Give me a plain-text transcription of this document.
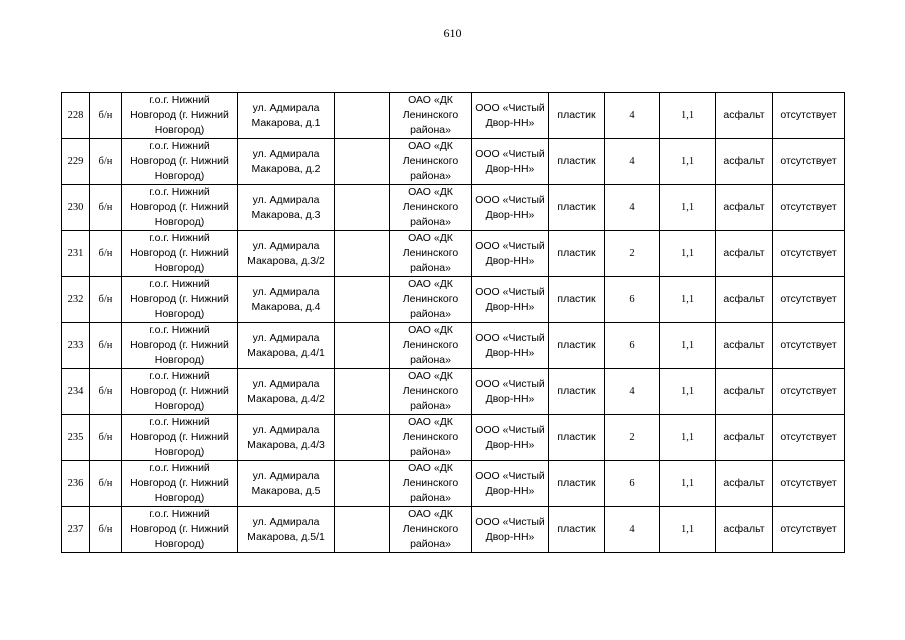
610
228	б/н	г.о.г. Нижний
Новгород (г. Нижний
Новгород)	ул. Адмирала
Макарова, д.1		ОАО «ДК
Ленинского
района»	ООО «Чистый
Двор-НН»	пластик	4	1,1	асфальт	отсутствует
229	б/н	г.о.г. Нижний
Новгород (г. Нижний
Новгород)	ул. Адмирала
Макарова, д.2		ОАО «ДК
Ленинского
района»	ООО «Чистый
Двор-НН»	пластик	4	1,1	асфальт	отсутствует
230	б/н	г.о.г. Нижний
Новгород (г. Нижний
Новгород)	ул. Адмирала
Макарова, д.3		ОАО «ДК
Ленинского
района»	ООО «Чистый
Двор-НН»	пластик	4	1,1	асфальт	отсутствует
231	б/н	г.о.г. Нижний
Новгород (г. Нижний
Новгород)	ул. Адмирала
Макарова, д.3/2		ОАО «ДК
Ленинского
района»	ООО «Чистый
Двор-НН»	пластик	2	1,1	асфальт	отсутствует
232	б/н	г.о.г. Нижний
Новгород (г. Нижний
Новгород)	ул. Адмирала
Макарова, д.4		ОАО «ДК
Ленинского
района»	ООО «Чистый
Двор-НН»	пластик	6	1,1	асфальт	отсутствует
233	б/н	г.о.г. Нижний
Новгород (г. Нижний
Новгород)	ул. Адмирала
Макарова, д.4/1		ОАО «ДК
Ленинского
района»	ООО «Чистый
Двор-НН»	пластик	6	1,1	асфальт	отсутствует
234	б/н	г.о.г. Нижний
Новгород (г. Нижний
Новгород)	ул. Адмирала
Макарова, д.4/2		ОАО «ДК
Ленинского
района»	ООО «Чистый
Двор-НН»	пластик	4	1,1	асфальт	отсутствует
235	б/н	г.о.г. Нижний
Новгород (г. Нижний
Новгород)	ул. Адмирала
Макарова, д.4/3		ОАО «ДК
Ленинского
района»	ООО «Чистый
Двор-НН»	пластик	2	1,1	асфальт	отсутствует
236	б/н	г.о.г. Нижний
Новгород (г. Нижний
Новгород)	ул. Адмирала
Макарова, д.5		ОАО «ДК
Ленинского
района»	ООО «Чистый
Двор-НН»	пластик	6	1,1	асфальт	отсутствует
237	б/н	г.о.г. Нижний
Новгород (г. Нижний
Новгород)	ул. Адмирала
Макарова, д.5/1		ОАО «ДК
Ленинского
района»	ООО «Чистый
Двор-НН»	пластик	4	1,1	асфальт	отсутствует
